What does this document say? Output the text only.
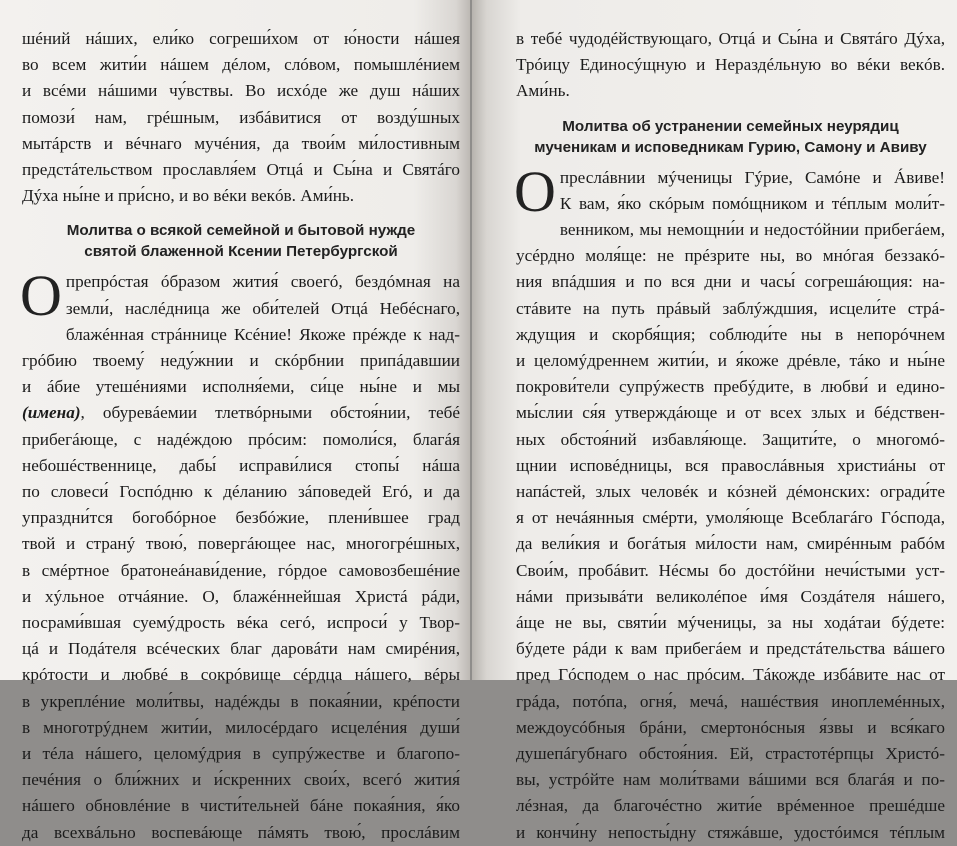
шéний нáших, ели́ко согреши́хом от ю́ности нáшея
во всем жити́и нáшем дéлом, слóвом, помышлéнием
и всéми нáшими чу́вствы. Во исхóде же душ нáших
помози́ нам, грéшным, избáвитися от возду́шных
мытáрств и вéчнаго мучéния, да твои́м ми́лостивным
предстáтельством прославля́ем Отцá и Сы́на и Святáго
Дýха ны́не и при́сно, и во вéки векóв. Ами́нь.
Молитва о всякой семейной и бытовой нужде
святой блаженной Ксении Петербургской
О препрóстая óбразом жития́ своегó, бездóмная на
земли́, наслéдница же оби́телей Отцá Небéснаго,
блажéнная стрáннице Ксéние! Якоже прéжде к над-
грóбию твоему́ неду́жнии и скóрбнии припáдавшии
и áбие утешéниями исполня́еми, си́це ны́не и мы
(имена), обуревáемии тлетвóрными обстоя́нии, тебé
прибегáюще, с надéждою прóсим: помоли́ся, благáя
небошéственнице, дабы́ исправи́лися стопы́ нáша
по словеси́ Госпóдню к дéланию зáповедей Егó, и да
упраздни́тся богобóрное безбóжие, плени́вшее град
твой и странý твою́, повергáющее нас, многогрéшных,
в смéртное братонеáнави́дение, гóрдое самовозбешéние
и хýльное отчáяние. О, блажéннейшая Христá рáди,
посрами́вшая суемýдрость вéка сегó, испроси́ у Твор-
цá и Подáтеля всéческих благ даровáти нам смирéния,
крóтости и любвé в сокрóвище сéрдца нáшего, вéры
в укреплéние моли́твы, надéжды в покая́нии, крéпости
в многотрýднем жити́и, милосéрдаго исцелéния души́
и тéла нáшего, целомýдрия в супрýжестве и благопо-
печéния о бли́жних и и́скренних свои́х, всегó жития́
нáшего обновлéние в чисти́тельней бáне покая́ния, я́ко
да всехвáльно воспевáюще пáмять твою́, прослáвим
в тебé чудодéйствующаго, Отцá и Сы́на и Святáго Дýха,
Трóицу Единосýщную и Нераздéльную во вéки векóв.
Ами́нь.
Молитва об устранении семейных неурядиц
мученикам и исповедникам Гурию, Самону и Авиву
О преслáвнии мýченицы Гýрие, Самóне и Áвиве!
К вам, я́ко скóрым помóщником и тéплым моли́т-
венником, мы немощни́и и недостóйнии прибегáем,
усéрдно моля́ще: не прéзрите ны, во мнóгая беззакó-
ния впáдшия и по вся дни и часы́ согрешáющия: на-
стáвите на путь прáвый заблýждшия, исцели́те стрá-
ждущия и скорбя́щия; соблюди́те ны в непорóчнем
и целомýдреннем жити́и, и я́коже дрéвле, тáко и ны́не
покрови́тели супрýжеств пребýдите, в любви́ и едино-
мы́слии ся́я утверждáюще и от всех злых и бéдствен-
ных обстоя́ний избавля́юще. Защити́те, о многомó-
щнии исповéдницы, вся правослáвныя христиáны от
напáстей, злых человéк и кóзней дéмонских: огради́те
я от нечáянныя смéрти, умоля́юще Всеблагáго Гóспода,
да вели́кия и богáтыя ми́лости нам, смирéнным рабóм
Свои́м, пробáвит. Нéсмы бо достóйни нечи́стыми уст-
нáми призывáти великолéпое и́мя Создáтеля нáшего,
áще не вы, святи́и мýченицы, за ны ходáтаи бýдете:
бýдете рáди к вам прибегáем и предстáтельства вáшего
пред Гóсподем о нас прóсим. Тáкожде избáвите нас от
грáда, потóпа, огня́, мечá, нашéствия иноплемéнных,
междоусóбныя брáни, смертонóсныя я́звы и вся́каго
душепáгубнаго обстоя́ния. Ей, страстотéрпцы Христó-
вы, устрóйте нам моли́твами вáшими вся благáя и по-
лéзная, да благочéстно жити́е врéменное прешéдше
и кончи́ну непосты́дну стяжáвше, удостóимся тéплым
